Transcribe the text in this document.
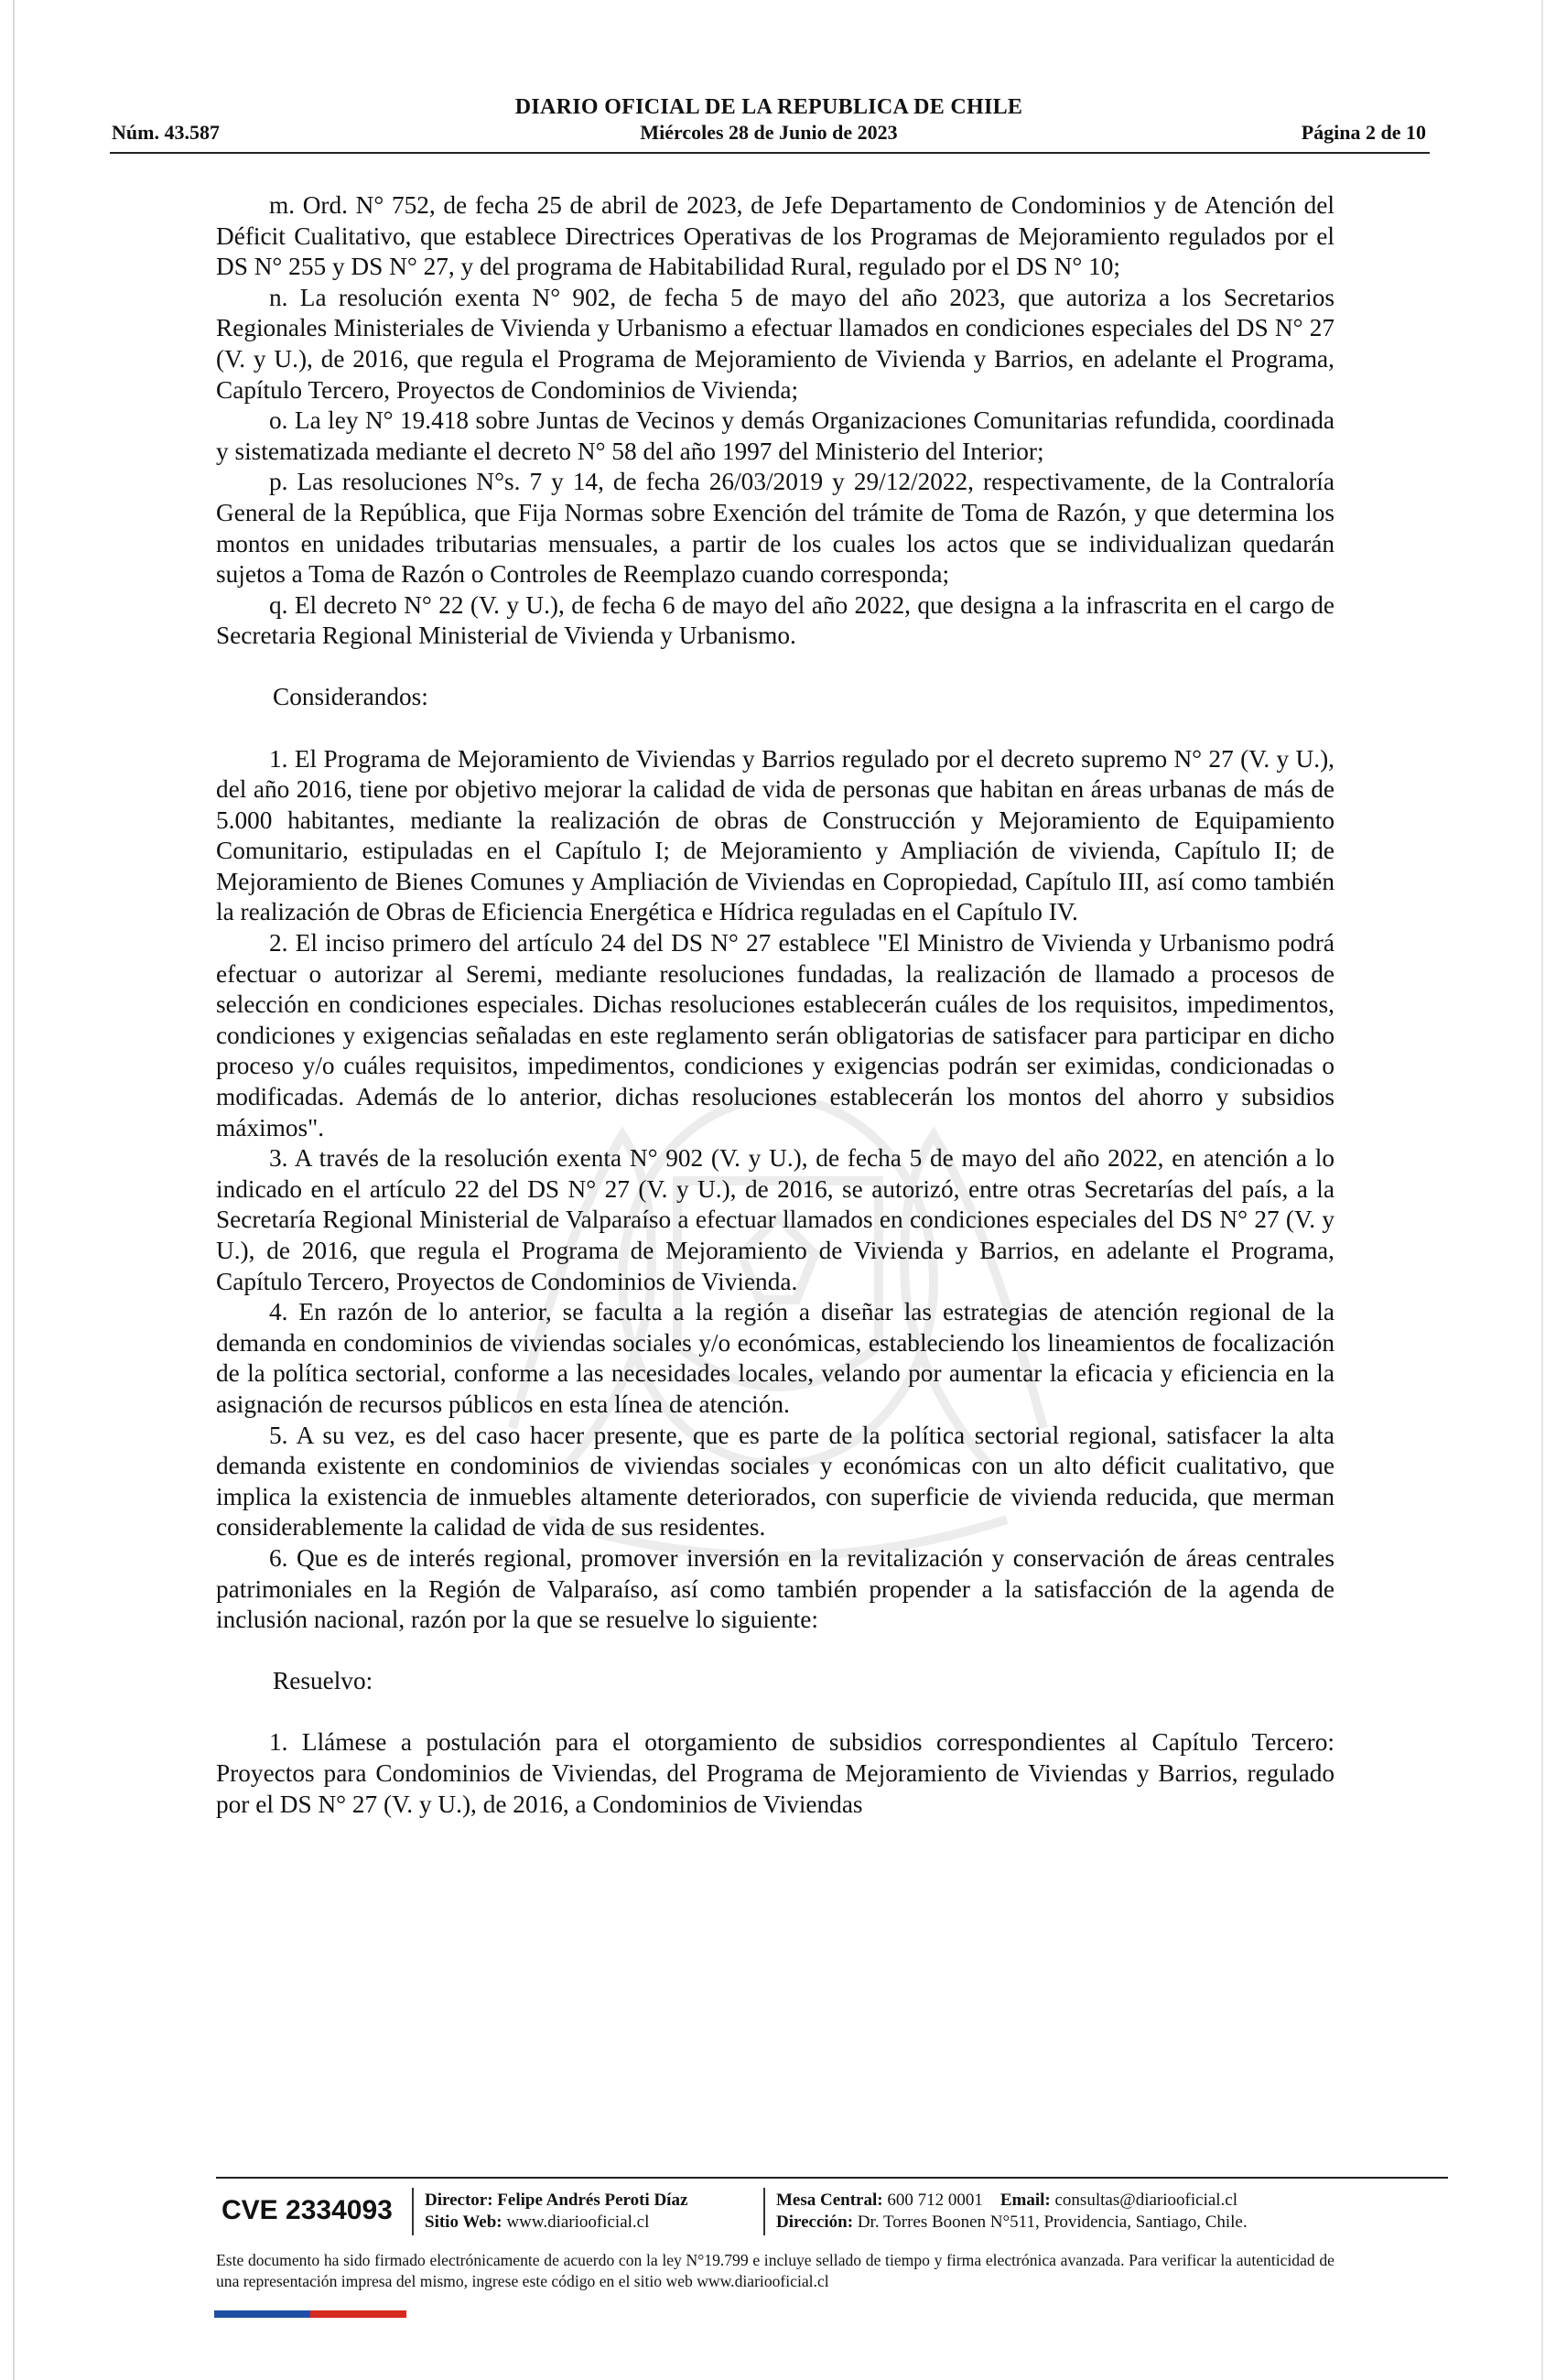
DIARIO OFICIAL DE LA REPUBLICA DE CHILE
Núm. 43.587	Miércoles 28 de Junio de 2023	Página 2 de 10

m. Ord. N° 752, de fecha 25 de abril de 2023, de Jefe Departamento de Condominios y de Atención del Déficit Cualitativo, que establece Directrices Operativas de los Programas de Mejoramiento regulados por el DS N° 255 y DS N° 27, y del programa de Habitabilidad Rural, regulado por el DS N° 10;

n. La resolución exenta N° 902, de fecha 5 de mayo del año 2023, que autoriza a los Secretarios Regionales Ministeriales de Vivienda y Urbanismo a efectuar llamados en condiciones especiales del DS N° 27 (V. y U.), de 2016, que regula el Programa de Mejoramiento de Vivienda y Barrios, en adelante el Programa, Capítulo Tercero, Proyectos de Condominios de Vivienda;

o. La ley N° 19.418 sobre Juntas de Vecinos y demás Organizaciones Comunitarias refundida, coordinada y sistematizada mediante el decreto N° 58 del año 1997 del Ministerio del Interior;

p. Las resoluciones N°s. 7 y 14, de fecha 26/03/2019 y 29/12/2022, respectivamente, de la Contraloría General de la República, que Fija Normas sobre Exención del trámite de Toma de Razón, y que determina los montos en unidades tributarias mensuales, a partir de los cuales los actos que se individualizan quedarán sujetos a Toma de Razón o Controles de Reemplazo cuando corresponda;

q. El decreto N° 22 (V. y U.), de fecha 6 de mayo del año 2022, que designa a la infrascrita en el cargo de Secretaria Regional Ministerial de Vivienda y Urbanismo.

Considerandos:

1. El Programa de Mejoramiento de Viviendas y Barrios regulado por el decreto supremo N° 27 (V. y U.), del año 2016, tiene por objetivo mejorar la calidad de vida de personas que habitan en áreas urbanas de más de 5.000 habitantes, mediante la realización de obras de Construcción y Mejoramiento de Equipamiento Comunitario, estipuladas en el Capítulo I; de Mejoramiento y Ampliación de vivienda, Capítulo II; de Mejoramiento de Bienes Comunes y Ampliación de Viviendas en Copropiedad, Capítulo III, así como también la realización de Obras de Eficiencia Energética e Hídrica reguladas en el Capítulo IV.

2. El inciso primero del artículo 24 del DS N° 27 establece "El Ministro de Vivienda y Urbanismo podrá efectuar o autorizar al Seremi, mediante resoluciones fundadas, la realización de llamado a procesos de selección en condiciones especiales. Dichas resoluciones establecerán cuáles de los requisitos, impedimentos, condiciones y exigencias señaladas en este reglamento serán obligatorias de satisfacer para participar en dicho proceso y/o cuáles requisitos, impedimentos, condiciones y exigencias podrán ser eximidas, condicionadas o modificadas. Además de lo anterior, dichas resoluciones establecerán los montos del ahorro y subsidios máximos".

3. A través de la resolución exenta N° 902 (V. y U.), de fecha 5 de mayo del año 2022, en atención a lo indicado en el artículo 22 del DS N° 27 (V. y U.), de 2016, se autorizó, entre otras Secretarías del país, a la Secretaría Regional Ministerial de Valparaíso a efectuar llamados en condiciones especiales del DS N° 27 (V. y U.), de 2016, que regula el Programa de Mejoramiento de Vivienda y Barrios, en adelante el Programa, Capítulo Tercero, Proyectos de Condominios de Vivienda.

4. En razón de lo anterior, se faculta a la región a diseñar las estrategias de atención regional de la demanda en condominios de viviendas sociales y/o económicas, estableciendo los lineamientos de focalización de la política sectorial, conforme a las necesidades locales, velando por aumentar la eficacia y eficiencia en la asignación de recursos públicos en esta línea de atención.

5. A su vez, es del caso hacer presente, que es parte de la política sectorial regional, satisfacer la alta demanda existente en condominios de viviendas sociales y económicas con un alto déficit cualitativo, que implica la existencia de inmuebles altamente deteriorados, con superficie de vivienda reducida, que merman considerablemente la calidad de vida de sus residentes.

6. Que es de interés regional, promover inversión en la revitalización y conservación de áreas centrales patrimoniales en la Región de Valparaíso, así como también propender a la satisfacción de la agenda de inclusión nacional, razón por la que se resuelve lo siguiente:

Resuelvo:

1. Llámese a postulación para el otorgamiento de subsidios correspondientes al Capítulo Tercero: Proyectos para Condominios de Viviendas, del Programa de Mejoramiento de Viviendas y Barrios, regulado por el DS N° 27 (V. y U.), de 2016, a Condominios de Viviendas

CVE 2334093	Director: Felipe Andrés Peroti Díaz
Sitio Web: www.diariooficial.cl
Mesa Central: 600 712 0001 Email: consultas@diariooficial.cl
Dirección: Dr. Torres Boonen N°511, Providencia, Santiago, Chile.
Este documento ha sido firmado electrónicamente de acuerdo con la ley N°19.799 e incluye sellado de tiempo y firma electrónica avanzada. Para verificar la autenticidad de una representación impresa del mismo, ingrese este código en el sitio web www.diariooficial.cl
